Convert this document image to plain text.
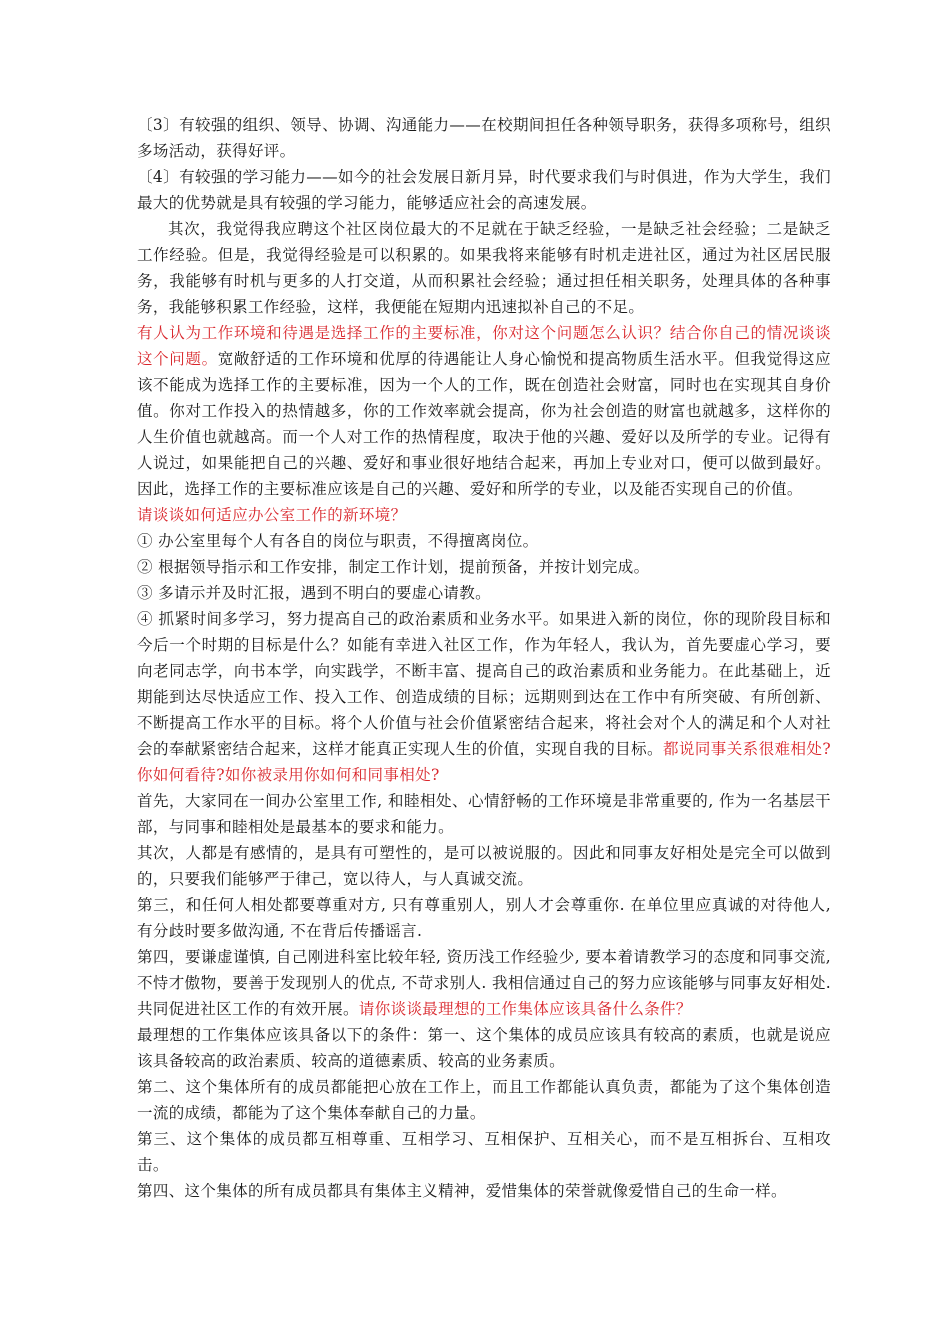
〔3〕有较强的组织、领导、协调、沟通能力——在校期间担任各种领导职务，获得多项称号，组织多场活动，获得好评。

〔4〕有较强的学习能力——如今的社会发展日新月异，时代要求我们与时俱进，作为大学生，我们最大的优势就是具有较强的学习能力，能够适应社会的高速发展。

其次，我觉得我应聘这个社区岗位最大的不足就在于缺乏经验，一是缺乏社会经验；二是缺乏工作经验。但是，我觉得经验是可以积累的。如果我将来能够有时机走进社区，通过为社区居民服务，我能够有时机与更多的人打交道，从而积累社会经验；通过担任相关职务，处理具体的各种事务，我能够积累工作经验，这样，我便能在短期内迅速拟补自己的不足。

有人认为工作环境和待遇是选择工作的主要标准，你对这个问题怎么认识？结合你自己的情况谈谈这个问题。宽敞舒适的工作环境和优厚的待遇能让人身心愉悦和提高物质生活水平。但我觉得这应该不能成为选择工作的主要标准，因为一个人的工作，既在创造社会财富，同时也在实现其自身价值。你对工作投入的热情越多，你的工作效率就会提高，你为社会创造的财富也就越多，这样你的人生价值也就越高。而一个人对工作的热情程度，取决于他的兴趣、爱好以及所学的专业。记得有人说过，如果能把自己的兴趣、爱好和事业很好地结合起来，再加上专业对口，便可以做到最好。因此，选择工作的主要标准应该是自己的兴趣、爱好和所学的专业，以及能否实现自己的价值。

请谈谈如何适应办公室工作的新环境？

① 办公室里每个人有各自的岗位与职责，不得擅离岗位。

② 根据领导指示和工作安排，制定工作计划，提前预备，并按计划完成。

③ 多请示并及时汇报，遇到不明白的要虚心请教。

④ 抓紧时间多学习，努力提高自己的政治素质和业务水平。如果进入新的岗位，你的现阶段目标和今后一个时期的目标是什么？如能有幸进入社区工作，作为年轻人，我认为，首先要虚心学习，要向老同志学，向书本学，向实践学，不断丰富、提高自己的政治素质和业务能力。在此基础上，近期能到达尽快适应工作、投入工作、创造成绩的目标；远期则到达在工作中有所突破、有所创新、不断提高工作水平的目标。将个人价值与社会价值紧密结合起来，将社会对个人的满足和个人对社会的奉献紧密结合起来，这样才能真正实现人生的价值，实现自我的目标。都说同事关系很难相处?你如何看待?如你被录用你如何和同事相处?

首先，大家同在一间办公室里工作, 和睦相处、心情舒畅的工作环境是非常重要的, 作为一名基层干部，与同事和睦相处是最基本的要求和能力。

其次，人都是有感情的，是具有可塑性的，是可以被说服的。因此和同事友好相处是完全可以做到的，只要我们能够严于律己，宽以待人，与人真诚交流。

第三，和任何人相处都要尊重对方, 只有尊重别人，别人才会尊重你. 在单位里应真诚的对待他人, 有分歧时要多做沟通, 不在背后传播谣言.

第四，要谦虚谨慎, 自己刚进科室比较年轻, 资历浅工作经验少, 要本着请教学习的态度和同事交流, 不恃才傲物，要善于发现别人的优点, 不苛求别人. 我相信通过自己的努力应该能够与同事友好相处. 共同促进社区工作的有效开展。请你谈谈最理想的工作集体应该具备什么条件？

最理想的工作集体应该具备以下的条件：第一、这个集体的成员应该具有较高的素质，也就是说应该具备较高的政治素质、较高的道德素质、较高的业务素质。

第二、这个集体所有的成员都能把心放在工作上，而且工作都能认真负责，都能为了这个集体创造一流的成绩，都能为了这个集体奉献自己的力量。

第三、这个集体的成员都互相尊重、互相学习、互相保护、互相关心，而不是互相拆台、互相攻击。

第四、这个集体的所有成员都具有集体主义精神，爱惜集体的荣誉就像爱惜自己的生命一样。
